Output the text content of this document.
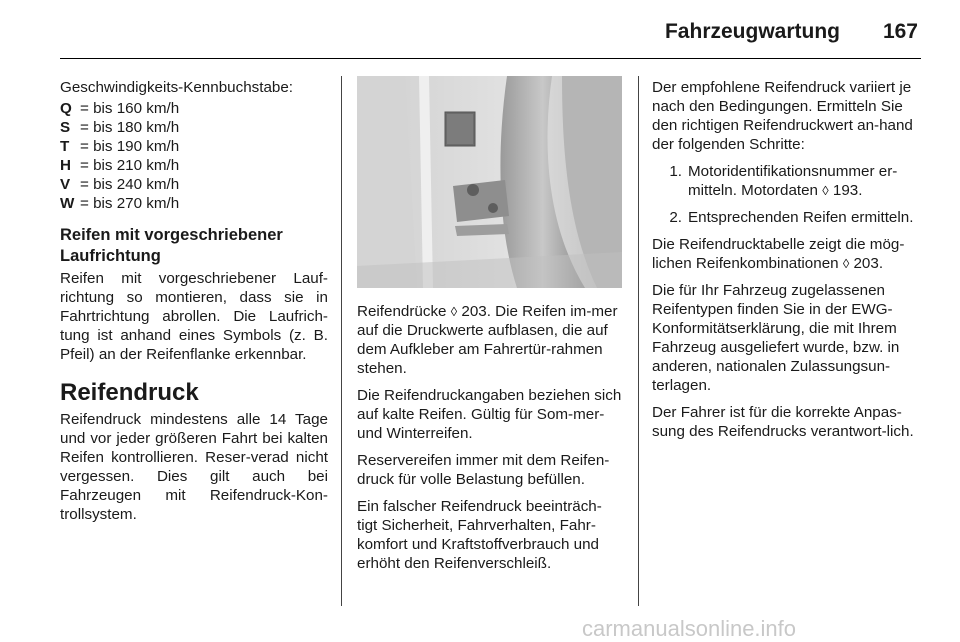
Fahrzeugwartung 167

Geschwindigkeits-Kennbuchstabe:

Q = bis 160 km/h
S = bis 180 km/h
T = bis 190 km/h
H = bis 210 km/h
V = bis 240 km/h
W = bis 270 km/h
Reifen mit vorgeschriebener Laufrichtung

Reifen mit vorgeschriebener Lauf-richtung so montieren, dass sie in Fahrtrichtung abrollen. Die Laufrich-tung ist anhand eines Symbols (z. B. Pfeil) an der Reifenflanke erkennbar.

Reifendruck

Reifendruck mindestens alle 14 Tage und vor jeder größeren Fahrt bei kalten Reifen kontrollieren. Reser-verad nicht vergessen. Dies gilt auch bei Fahrzeugen mit Reifendruck-Kon-trollsystem.

Reifendrücke ◊ 203. Die Reifen im-mer auf die Druckwerte aufblasen, die auf dem Aufkleber am Fahrertür-rahmen stehen.

Die Reifendruckangaben beziehen sich auf kalte Reifen. Gültig für Som-mer- und Winterreifen.

Reservereifen immer mit dem Reifen-druck für volle Belastung befüllen.

Ein falscher Reifendruck beeinträch-tigt Sicherheit, Fahrverhalten, Fahr-komfort und Kraftstoffverbrauch und erhöht den Reifenverschleiß.

Der empfohlene Reifendruck variiert je nach den Bedingungen. Ermitteln Sie den richtigen Reifendruckwert an-hand der folgenden Schritte:

1. Motoridentifikationsnummer er-mitteln. Motordaten ◊ 193.
2. Entsprechenden Reifen ermitteln.

Die Reifendrucktabelle zeigt die mög-lichen Reifenkombinationen ◊ 203.

Die für Ihr Fahrzeug zugelassenen Reifentypen finden Sie in der EWG-Konformitätserklärung, die mit Ihrem Fahrzeug ausgeliefert wurde, bzw. in anderen, nationalen Zulassungsun-terlagen.

Der Fahrer ist für die korrekte Anpas-sung des Reifendrucks verantwort-lich.

carmanualsonline.info
